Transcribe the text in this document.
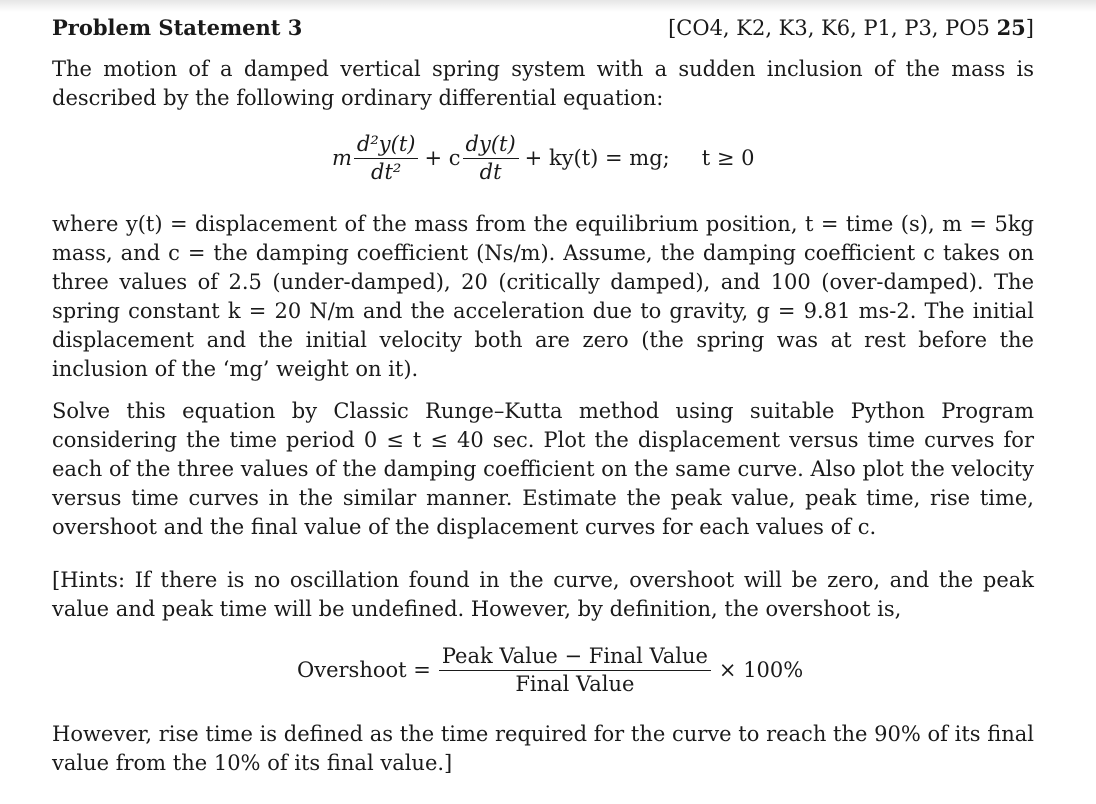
Problem Statement 3	[CO4, K2, K3, K6, P1, P3, PO5 25]

The motion of a damped vertical spring system with a sudden inclusion of the mass is described by the following ordinary differential equation:

m $\frac{\text{d²y(t)}}{\text{dt²}} + c \frac{dy(t)}{dt} + ky(t)$ = mg; t ≥ 0

where y(t) = displacement of the mass from the equilibrium position, t = time (s), m = 5kg mass, and c = the damping coefficient (Ns/m). Assume, the damping coefficient c takes on three values of 2.5 (under-damped), 20 (critically damped), and 100 (over-damped). The spring constant k = 20 N/m and the acceleration due to gravity, g = 9.81 ms-2. The initial displacement and the initial velocity both are zero (the spring was at rest before the inclusion of the ‘mg’ weight on it).

Solve this equation by Classic Runge–Kutta method using suitable Python Program considering the time period 0 ≤ t ≤ 40 sec. Plot the displacement versus time curves for each of the three values of the damping coefficient on the same curve. Also plot the velocity versus time curves in the similar manner. Estimate the peak value, peak time, rise time, overshoot and the final value of the displacement curves for each values of c.

[Hints: If there is no oscillation found in the curve, overshoot will be zero, and the peak value and peak time will be undefined. However, by definition, the overshoot is,

Overshoot = $\frac{\text{Peak Value − Final Value}}{\text{Final Value}} \times 100\%$

However, rise time is defined as the time required for the curve to reach the 90% of its final value from the 10% of its final value.]
